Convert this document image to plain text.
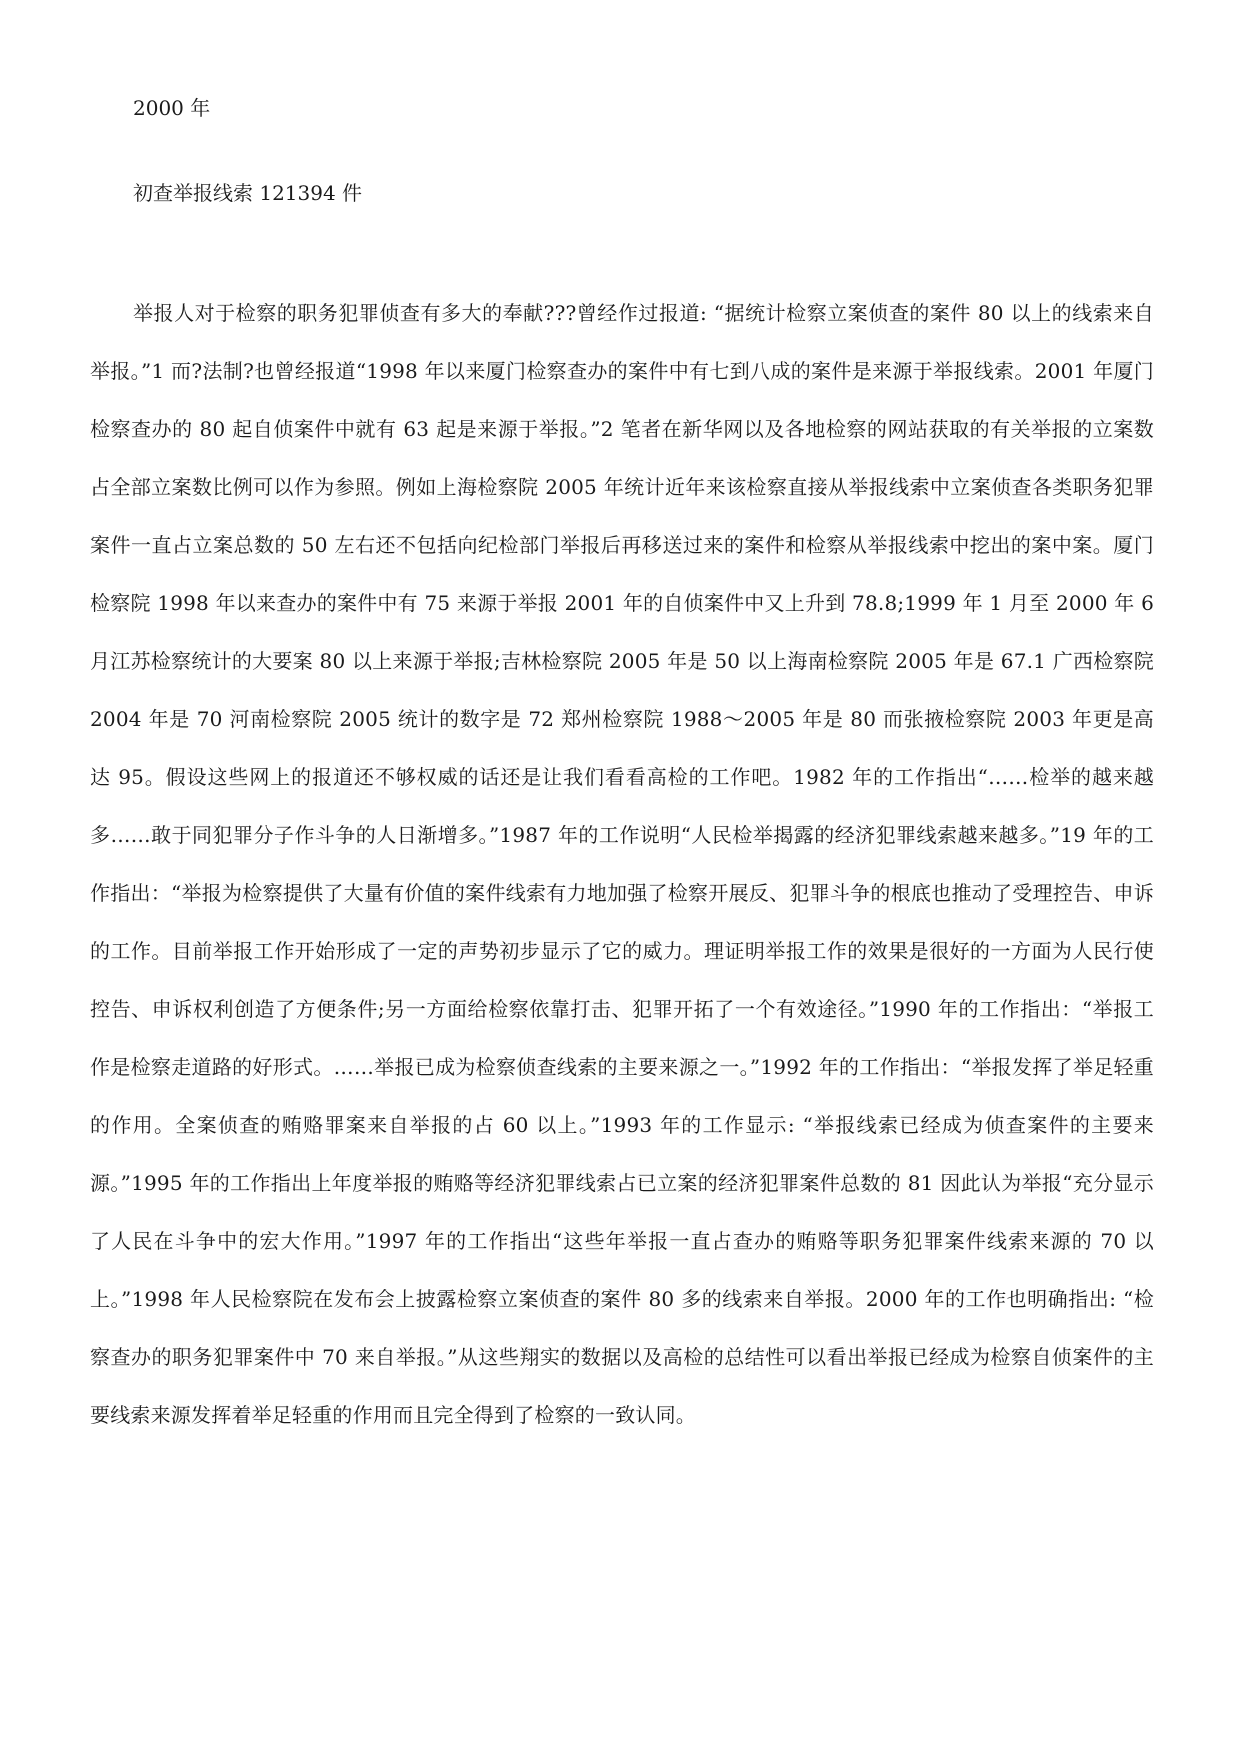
2000 年
初查举报线索 121394 件

举报人对于检察的职务犯罪侦查有多大的奉献???曾经作过报道: “据统计检察立案侦查的案件 80 以上的线索来自举报。”1 而?法制?也曾经报道“1998 年以来厦门检察查办的案件中有七到八成的案件是来源于举报线索。2001 年厦门检察查办的 80 起自侦案件中就有 63 起是来源于举报。”2 笔者在新华网以及各地检察的网站获取的有关举报的立案数占全部立案数比例可以作为参照。例如上海检察院 2005 年统计近年来该检察直接从举报线索中立案侦查各类职务犯罪案件一直占立案总数的 50 左右还不包括向纪检部门举报后再移送过来的案件和检察从举报线索中挖出的案中案。厦门检察院 1998 年以来查办的案件中有 75 来源于举报 2001 年的自侦案件中又上升到 78.8;1999 年 1 月至 2000 年 6 月江苏检察统计的大要案 80 以上来源于举报;吉林检察院 2005 年是 50 以上海南检察院 2005 年是 67.1 广西检察院 2004 年是 70 河南检察院 2005 统计的数字是 72 郑州检察院 1988～2005 年是 80 而张掖检察院 2003 年更是高达 95。假设这些网上的报道还不够权威的话还是让我们看看高检的工作吧。1982 年的工作指出“……检举的越来越多……敢于同犯罪分子作斗争的人日渐增多。”1987 年的工作说明“人民检举揭露的经济犯罪线索越来越多。”19 年的工作指出：“举报为检察提供了大量有价值的案件线索有力地加强了检察开展反、犯罪斗争的根底也推动了受理控告、申诉的工作。目前举报工作开始形成了一定的声势初步显示了它的威力。理证明举报工作的效果是很好的一方面为人民行使控告、申诉权利创造了方便条件;另一方面给检察依靠打击、犯罪开拓了一个有效途径。”1990 年的工作指出：“举报工作是检察走道路的好形式。……举报已成为检察侦查线索的主要来源之一。”1992 年的工作指出：“举报发挥了举足轻重的作用。全案侦查的贿赂罪案来自举报的占 60 以上。”1993 年的工作显示: “举报线索已经成为侦查案件的主要来源。”1995 年的工作指出上年度举报的贿赂等经济犯罪线索占已立案的经济犯罪案件总数的 81 因此认为举报“充分显示了人民在斗争中的宏大作用。”1997 年的工作指出“这些年举报一直占查办的贿赂等职务犯罪案件线索来源的 70 以上。”1998 年人民检察院在发布会上披露检察立案侦查的案件 80 多的线索来自举报。2000 年的工作也明确指出: “检察查办的职务犯罪案件中 70 来自举报。”从这些翔实的数据以及高检的总结性可以看出举报已经成为检察自侦案件的主要线索来源发挥着举足轻重的作用而且完全得到了检察的一致认同。
